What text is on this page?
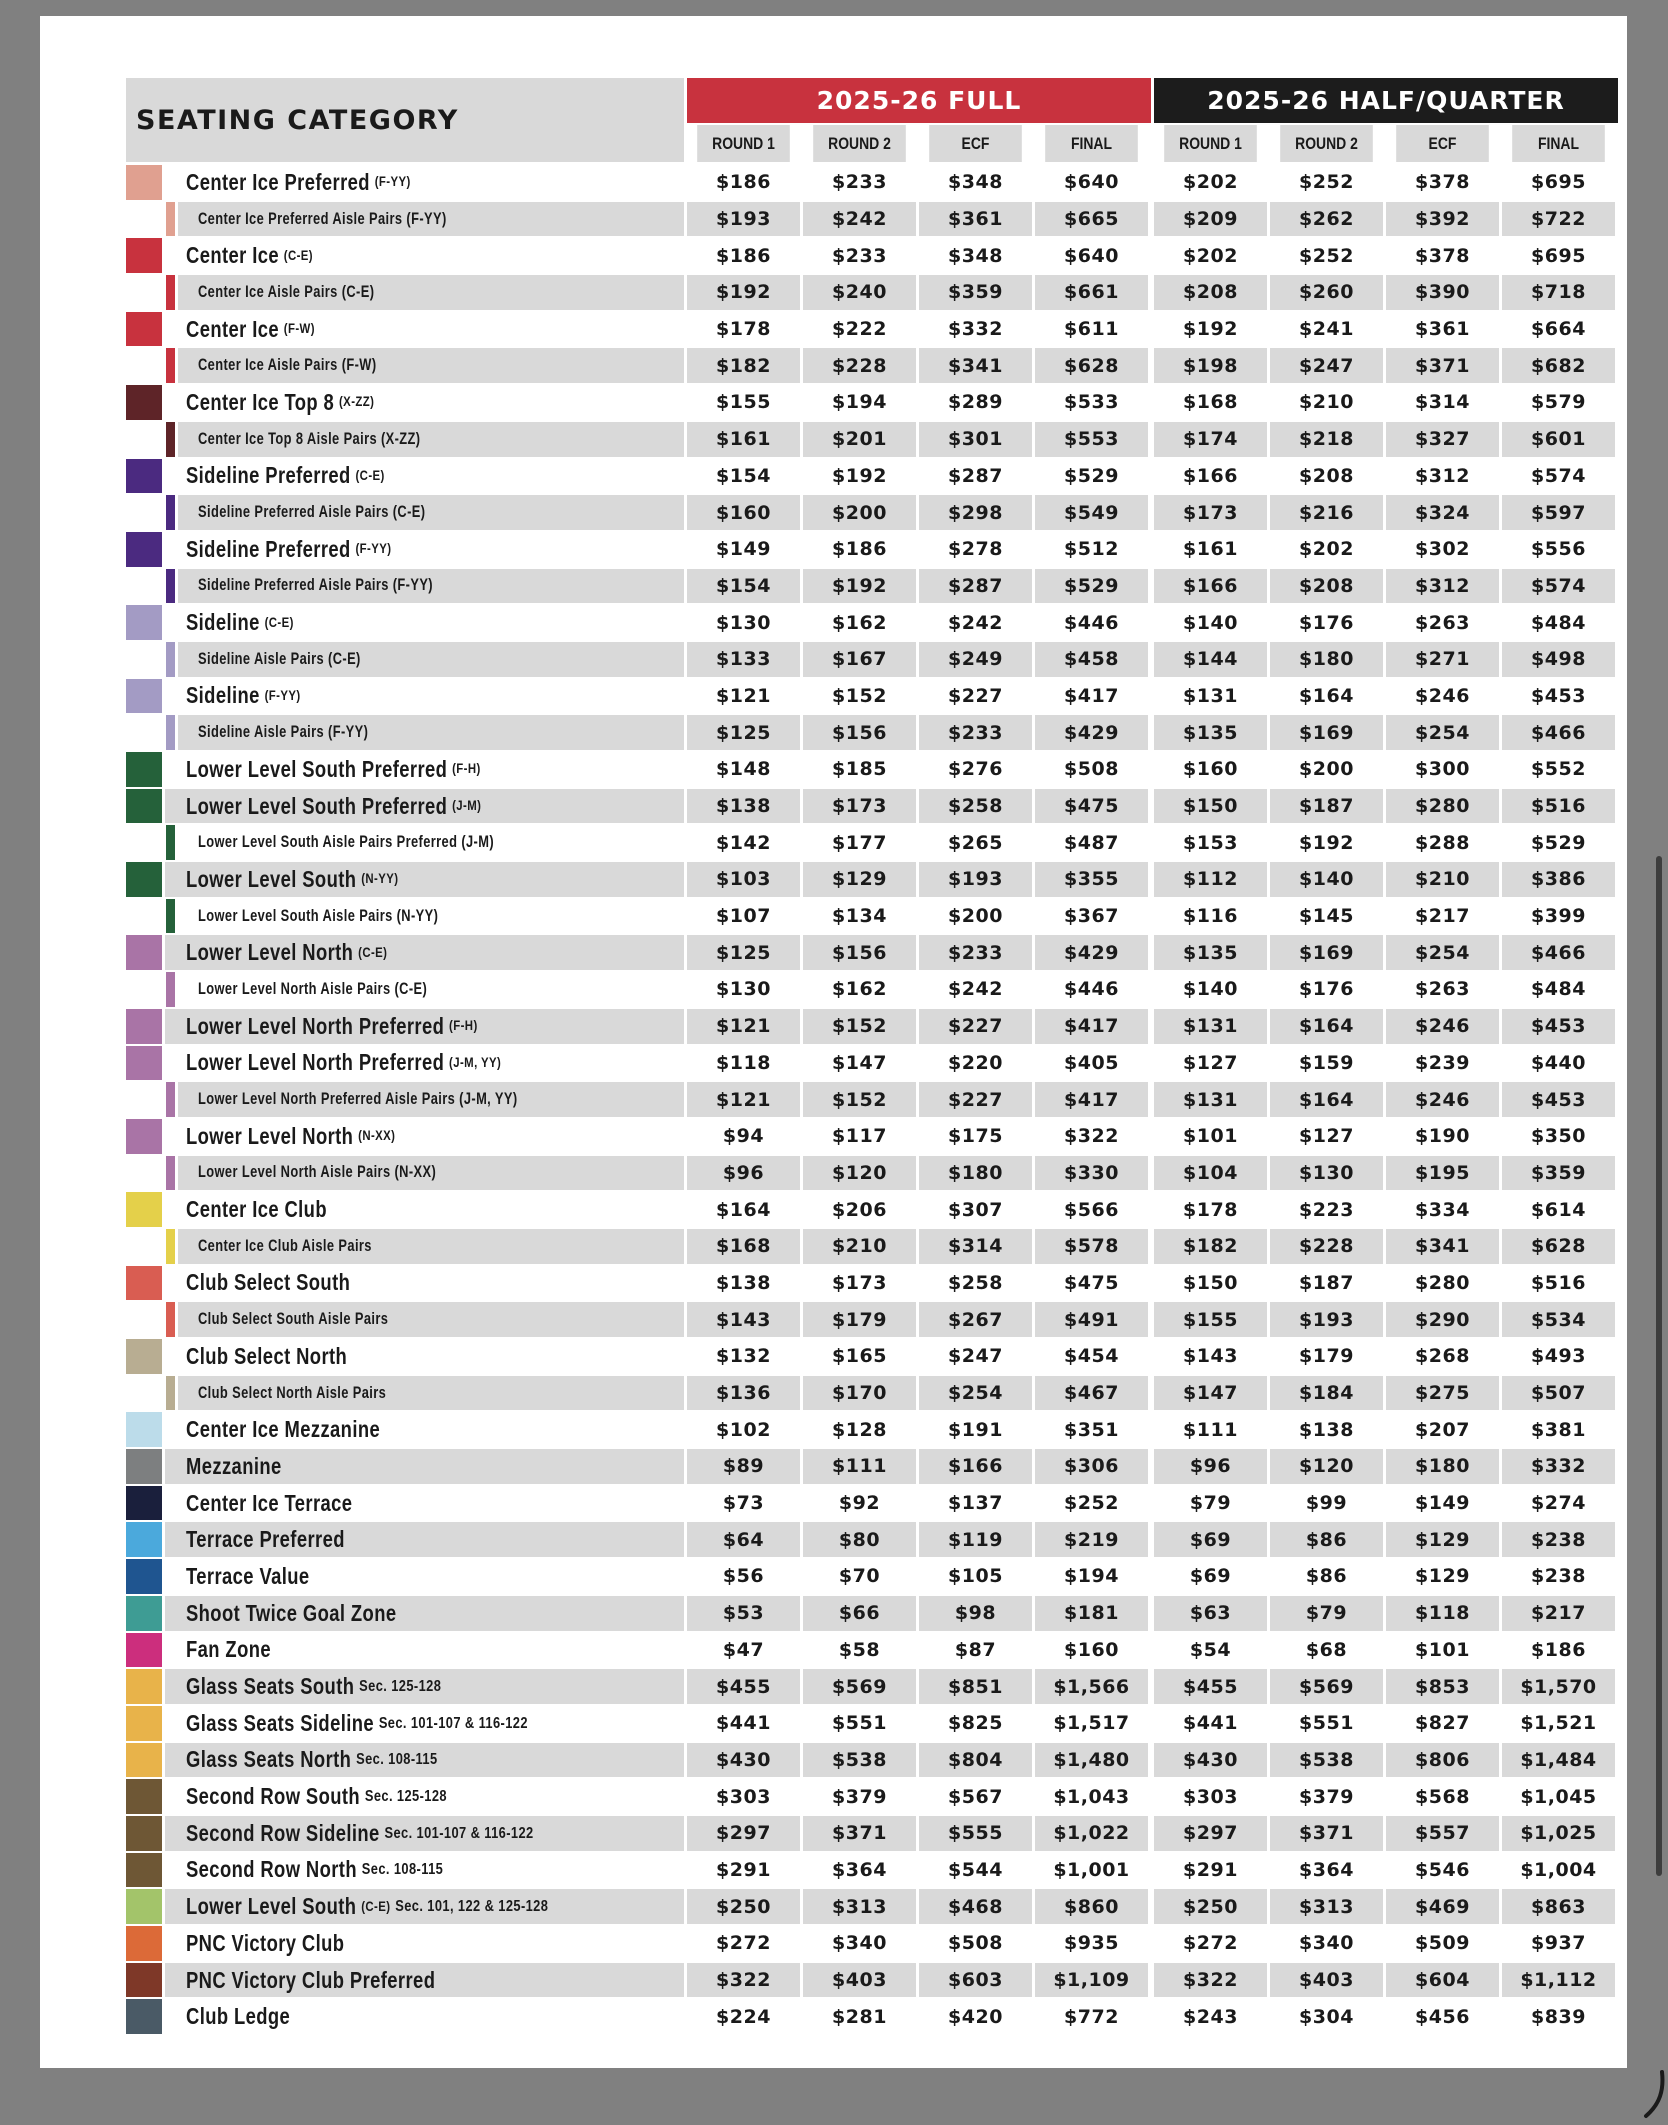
SEATING CATEGORY
2025-26 FULL	2025-26 HALF/QUARTER
ROUND 1	ROUND 2	ECF	FINAL	ROUND 1	ROUND 2	ECF	FINAL
Center Ice Preferred (F-YY)	$186	$233	$348	$640	$202	$252	$378	$695
Center Ice Preferred Aisle Pairs (F-YY)	$193	$242	$361	$665	$209	$262	$392	$722
Center Ice (C-E)	$186	$233	$348	$640	$202	$252	$378	$695
Center Ice Aisle Pairs (C-E)	$192	$240	$359	$661	$208	$260	$390	$718
Center Ice (F-W)	$178	$222	$332	$611	$192	$241	$361	$664
Center Ice Aisle Pairs (F-W)	$182	$228	$341	$628	$198	$247	$371	$682
Center Ice Top 8 (X-ZZ)	$155	$194	$289	$533	$168	$210	$314	$579
Center Ice Top 8 Aisle Pairs (X-ZZ)	$161	$201	$301	$553	$174	$218	$327	$601
Sideline Preferred (C-E)	$154	$192	$287	$529	$166	$208	$312	$574
Sideline Preferred Aisle Pairs (C-E)	$160	$200	$298	$549	$173	$216	$324	$597
Sideline Preferred (F-YY)	$149	$186	$278	$512	$161	$202	$302	$556
Sideline Preferred Aisle Pairs (F-YY)	$154	$192	$287	$529	$166	$208	$312	$574
Sideline (C-E)	$130	$162	$242	$446	$140	$176	$263	$484
Sideline Aisle Pairs (C-E)	$133	$167	$249	$458	$144	$180	$271	$498
Sideline (F-YY)	$121	$152	$227	$417	$131	$164	$246	$453
Sideline Aisle Pairs (F-YY)	$125	$156	$233	$429	$135	$169	$254	$466
Lower Level South Preferred (F-H)	$148	$185	$276	$508	$160	$200	$300	$552
Lower Level South Preferred (J-M)	$138	$173	$258	$475	$150	$187	$280	$516
Lower Level South Aisle Pairs Preferred (J-M)	$142	$177	$265	$487	$153	$192	$288	$529
Lower Level South (N-YY)	$103	$129	$193	$355	$112	$140	$210	$386
Lower Level South Aisle Pairs (N-YY)	$107	$134	$200	$367	$116	$145	$217	$399
Lower Level North (C-E)	$125	$156	$233	$429	$135	$169	$254	$466
Lower Level North Aisle Pairs (C-E)	$130	$162	$242	$446	$140	$176	$263	$484
Lower Level North Preferred (F-H)	$121	$152	$227	$417	$131	$164	$246	$453
Lower Level North Preferred (J-M, YY)	$118	$147	$220	$405	$127	$159	$239	$440
Lower Level North Preferred Aisle Pairs (J-M, YY)	$121	$152	$227	$417	$131	$164	$246	$453
Lower Level North (N-XX)	$94	$117	$175	$322	$101	$127	$190	$350
Lower Level North Aisle Pairs (N-XX)	$96	$120	$180	$330	$104	$130	$195	$359
Center Ice Club	$164	$206	$307	$566	$178	$223	$334	$614
Center Ice Club Aisle Pairs	$168	$210	$314	$578	$182	$228	$341	$628
Club Select South	$138	$173	$258	$475	$150	$187	$280	$516
Club Select South Aisle Pairs	$143	$179	$267	$491	$155	$193	$290	$534
Club Select North	$132	$165	$247	$454	$143	$179	$268	$493
Club Select North Aisle Pairs	$136	$170	$254	$467	$147	$184	$275	$507
Center Ice Mezzanine	$102	$128	$191	$351	$111	$138	$207	$381
Mezzanine	$89	$111	$166	$306	$96	$120	$180	$332
Center Ice Terrace	$73	$92	$137	$252	$79	$99	$149	$274
Terrace Preferred	$64	$80	$119	$219	$69	$86	$129	$238
Terrace Value	$56	$70	$105	$194	$69	$86	$129	$238
Shoot Twice Goal Zone	$53	$66	$98	$181	$63	$79	$118	$217
Fan Zone	$47	$58	$87	$160	$54	$68	$101	$186
Glass Seats South Sec. 125-128	$455	$569	$851	$1,566	$455	$569	$853	$1,570
Glass Seats Sideline Sec. 101-107 & 116-122	$441	$551	$825	$1,517	$441	$551	$827	$1,521
Glass Seats North Sec. 108-115	$430	$538	$804	$1,480	$430	$538	$806	$1,484
Second Row South Sec. 125-128	$303	$379	$567	$1,043	$303	$379	$568	$1,045
Second Row Sideline Sec. 101-107 & 116-122	$297	$371	$555	$1,022	$297	$371	$557	$1,025
Second Row North Sec. 108-115	$291	$364	$544	$1,001	$291	$364	$546	$1,004
Lower Level South (C-E) Sec. 101, 122 & 125-128	$250	$313	$468	$860	$250	$313	$469	$863
PNC Victory Club	$272	$340	$508	$935	$272	$340	$509	$937
PNC Victory Club Preferred	$322	$403	$603	$1,109	$322	$403	$604	$1,112
Club Ledge	$224	$281	$420	$772	$243	$304	$456	$839
